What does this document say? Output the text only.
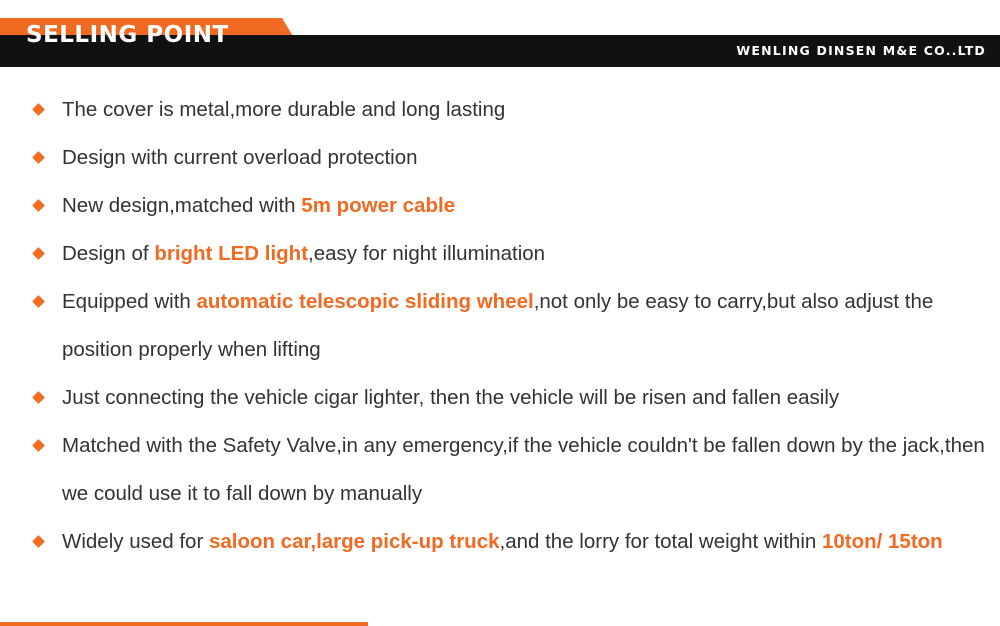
SELLING POINT
WENLING DINSEN M&E CO..LTD
The cover is metal,more durable and long lasting
Design with current overload protection
New design,matched with 5m power cable
Design of bright LED light,easy for night illumination
Equipped with automatic telescopic sliding wheel,not only be easy to carry,but also adjust the position properly when lifting
Just connecting the vehicle cigar lighter, then the vehicle will be risen and fallen easily
Matched with the Safety Valve,in any emergency,if the vehicle couldn't be fallen down by the jack,then we could use it to fall down by manually
Widely used for saloon car,large pick-up truck,and the lorry for total weight within 10ton/ 15ton
